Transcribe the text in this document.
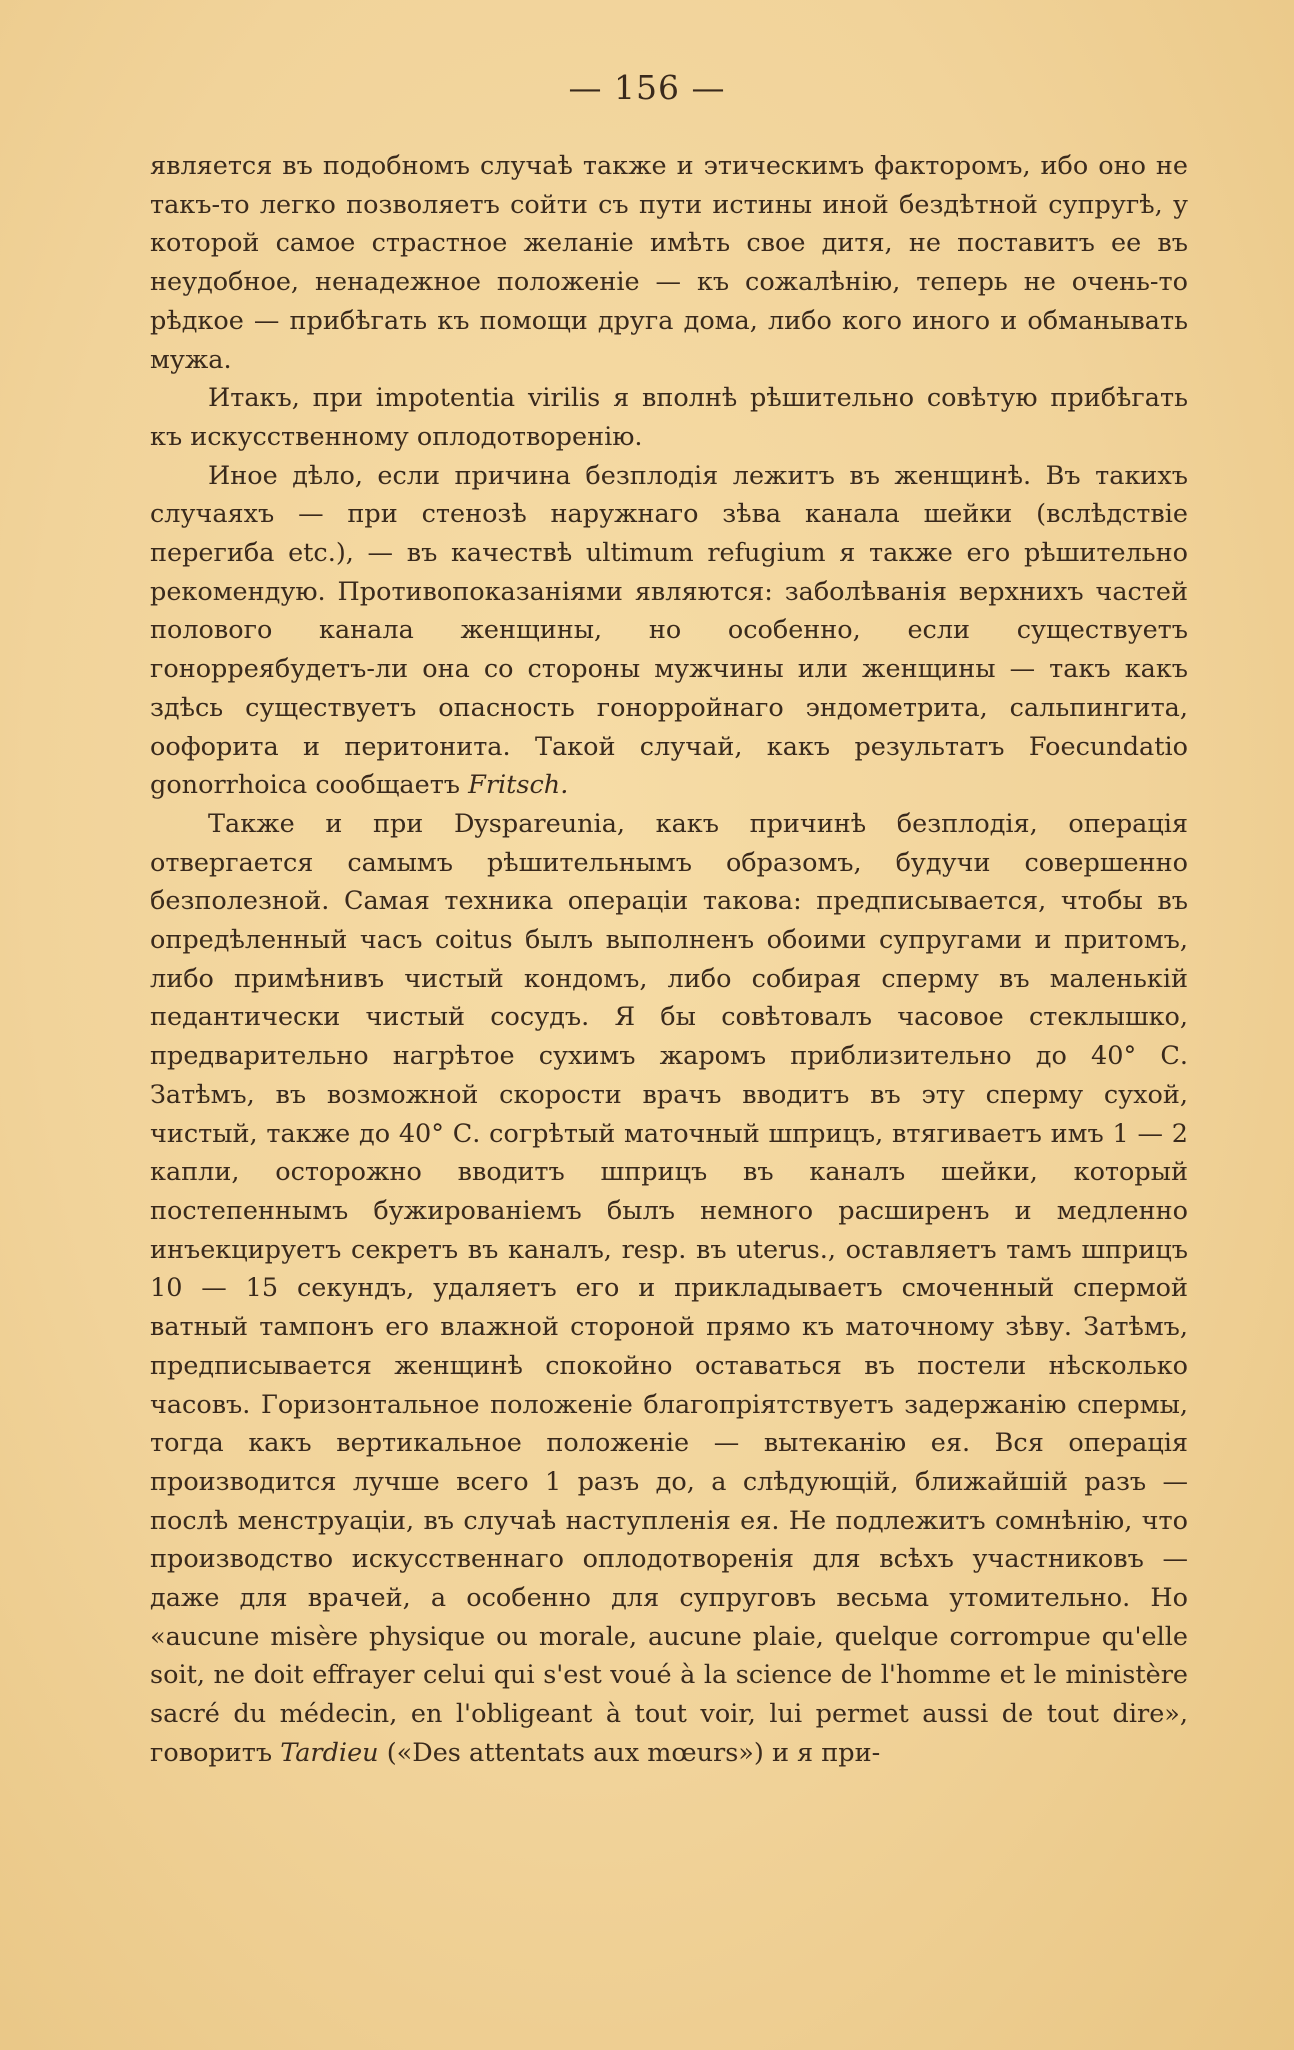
— 156 —

является въ подобномъ случаѣ также и этическимъ факторомъ, ибо оно не такъ-то легко позволяетъ сойти съ пути истины иной бездѣтной супругѣ, у которой самое страстное желаніе имѣть свое дитя, не поставитъ ее въ неудобное, ненадежное положеніе — къ сожалѣнію, теперь не очень-то рѣдкое — прибѣгать къ помощи друга дома, либо кого иного и обманывать мужа.

Итакъ, при impotentia virilis я вполнѣ рѣшительно совѣтую прибѣгать къ искусственному оплодотворенію.

Иное дѣло, если причина безплодія лежитъ въ женщинѣ. Въ такихъ случаяхъ — при стенозѣ наружнаго зѣва канала шейки (вслѣдствіе перегиба etc.), — въ качествѣ ultimum refugium я также его рѣшительно рекомендую. Противопоказаніями являются: заболѣванія верхнихъ частей полового канала женщины, но особенно, если существуетъ гонорреябудетъ-ли она со стороны мужчины или женщины — такъ какъ здѣсь существуетъ опасность гонорройнаго эндометрита, сальпингита, оофорита и перитонита. Такой случай, какъ результатъ Foecundatio gonorrhoica сообщаетъ Fritsch.

Также и при Dyspareunia, какъ причинѣ безплодія, операція отвергается самымъ рѣшительнымъ образомъ, будучи совершенно безполезной. Самая техника операціи такова: предписывается, чтобы въ опредѣленный часъ coitus былъ выполненъ обоими супругами и притомъ, либо примѣнивъ чистый кондомъ, либо собирая сперму въ маленькій педантически чистый сосудъ. Я бы совѣтовалъ часовое стеклышко, предварительно нагрѣтое сухимъ жаромъ приблизительно до 40° С. Затѣмъ, въ возможной скорости врачъ вводитъ въ эту сперму сухой, чистый, также до 40° С. согрѣтый маточный шприцъ, втягиваетъ имъ 1 — 2 капли, осторожно вводитъ шприцъ въ каналъ шейки, который постепеннымъ бужированіемъ былъ немного расширенъ и медленно инъекцируетъ секретъ въ каналъ, resp. въ uterus., оставляетъ тамъ шприцъ 10 — 15 секундъ, удаляетъ его и прикладываетъ смоченный спермой ватный тампонъ его влажной стороной прямо къ маточному зѣву. Затѣмъ, предписывается женщинѣ спокойно оставаться въ постели нѣсколько часовъ. Горизонтальное положеніе благопріятствуетъ задержанію спермы, тогда какъ вертикальное положеніе — вытеканію ея. Вся операція производится лучше всего 1 разъ до, а слѣдующій, ближайшій разъ — послѣ менструаціи, въ случаѣ наступленія ея. Не подлежитъ сомнѣнію, что производство искусственнаго оплодотворенія для всѣхъ участниковъ — даже для врачей, а особенно для супруговъ весьма утомительно. Но «aucune misère physique ou morale, aucune plaie, quelque corrompue qu'elle soit, ne doit effrayer celui qui s'est voué à la science de l'homme et le ministère sacré du médecin, en l'obligeant à tout voir, lui permet aussi de tout dire», говоритъ Tardieu («Des attentats aux mœurs») и я при-
